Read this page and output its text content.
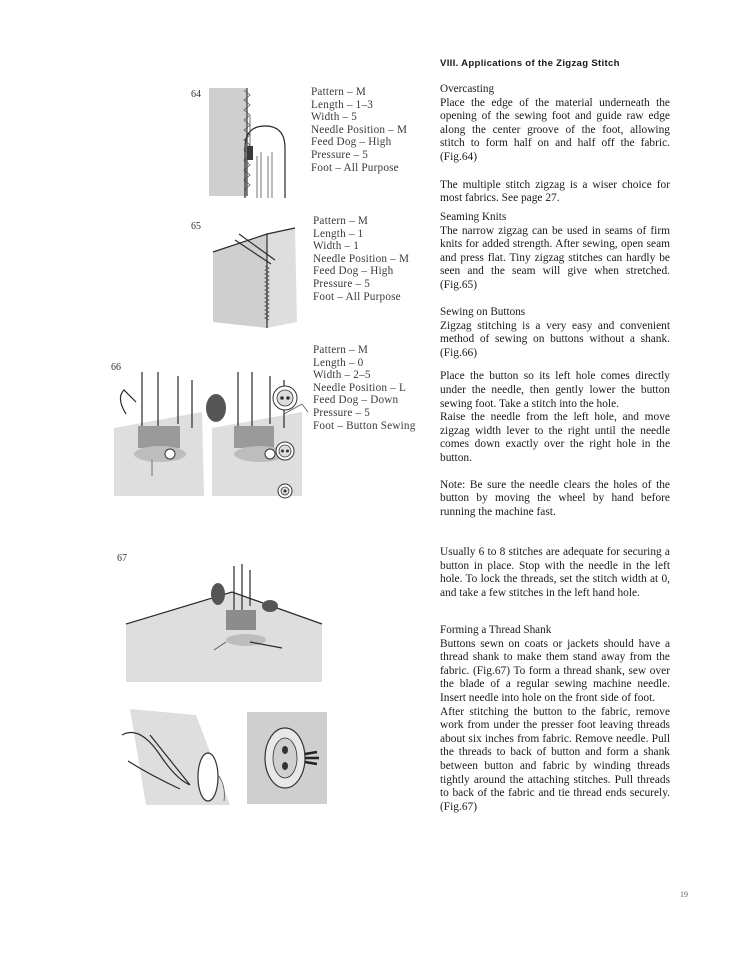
64	Pattern – M
Length – 1–3
Width – 5
Needle Position – M
Feed Dog – High
Pressure – 5
Foot – All Purpose
65	Pattern – M
Length – 1
Width – 1
Needle Position – M
Feed Dog – High
Pressure – 5
Foot – All Purpose
66
Pattern – M
Length – 0
Width – 2–5
Needle Position – L
Feed Dog – Down
Pressure – 5
Foot – Button Sewing
67
VIII. Applications of the Zigzag Stitch
Overcasting

Place the edge of the material underneath the opening of the sewing foot and guide raw edge along the center groove of the foot, allowing stitch to form half on and half off the fabric. (Fig.64)

The multiple stitch zigzag is a wiser choice for most fabrics. See page 27.

Seaming Knits

The narrow zigzag can be used in seams of firm knits for added strength. After sewing, open seam and press flat. Tiny zigzag stitches can hardly be seen and the seam will give when stretched. (Fig.65)

Sewing on Buttons

Zigzag stitching is a very easy and convenient method of sewing on buttons without a shank. (Fig.66)

Place the button so its left hole comes directly under the needle, then gently lower the button sewing foot. Take a stitch into the hole.

Raise the needle from the left hole, and move zigzag width lever to the right until the needle comes down exactly over the right hole in the button.

Note: Be sure the needle clears the holes of the button by moving the wheel by hand before running the machine fast.

Usually 6 to 8 stitches are adequate for securing a button in place. Stop with the needle in the left hole. To lock the threads, set the stitch width at 0, and take a few stitches in the left hand hole.

Forming a Thread Shank

Buttons sewn on coats or jackets should have a thread shank to make them stand away from the fabric. (Fig.67) To form a thread shank, sew over the blade of a regular sewing machine needle. Insert needle into hole on the front side of foot.

After stitching the button to the fabric, remove work from under the presser foot leaving threads about six inches from fabric. Remove needle. Pull the threads to back of button and form a shank between button and fabric by winding threads tightly around the attaching stitches. Pull threads to back of the fabric and tie thread ends securely. (Fig.67)

19
